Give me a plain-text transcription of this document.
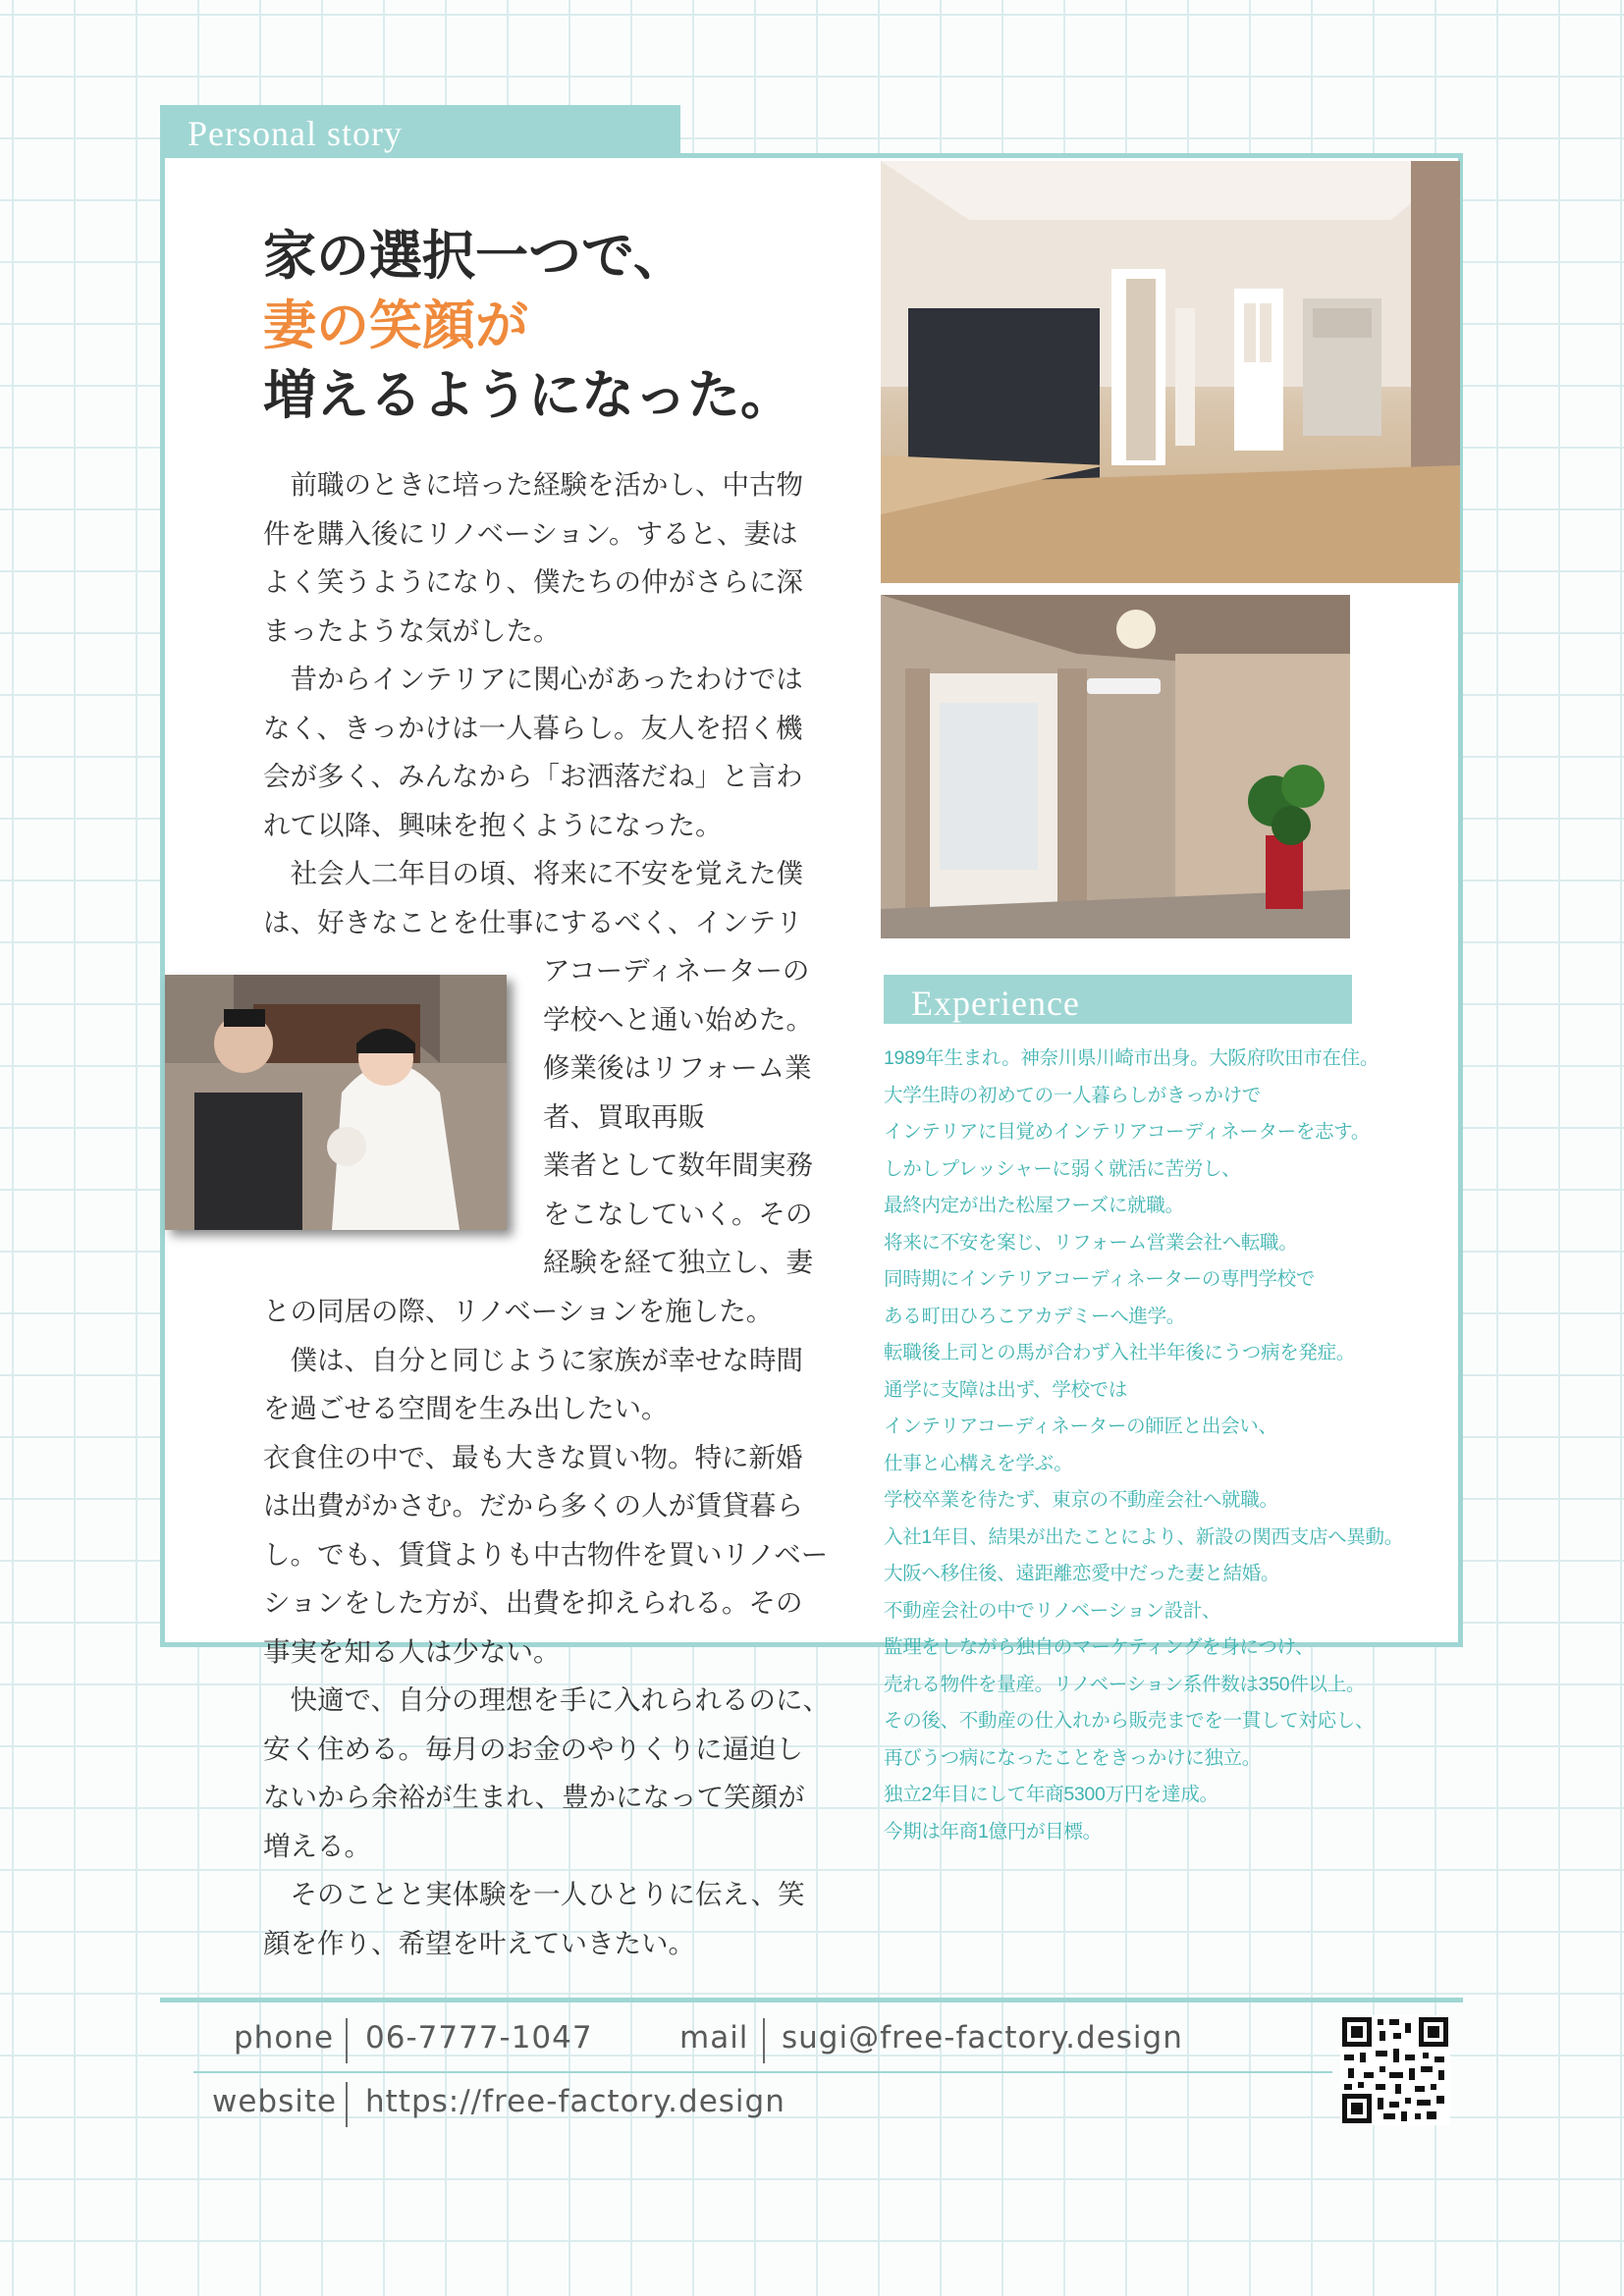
Personal story
家の選択一つで、
妻の笑顔が
増えるようになった。
　前職のときに培った経験を活かし、中古物
件を購入後にリノベーション。すると、妻は
よく笑うようになり、僕たちの仲がさらに深
まったような気がした。
　昔からインテリアに関心があったわけでは
なく、きっかけは一人暮らし。友人を招く機
会が多く、みんなから「お洒落だね」と言わ
れて以降、興味を抱くようになった。
　社会人二年目の頃、将来に不安を覚えた僕
は、好きなことを仕事にするべく、インテリ
アコーディネーターの
学校へと通い始めた。
修業後はリフォーム業
者、買取再販
業者として数年間実務
をこなしていく。その
経験を経て独立し、妻
との同居の際、リノベーションを施した。
　僕は、自分と同じように家族が幸せな時間
を過ごせる空間を生み出したい。
衣食住の中で、最も大きな買い物。特に新婚
は出費がかさむ。だから多くの人が賃貸暮ら
し。でも、賃貸よりも中古物件を買いリノベー
ションをした方が、出費を抑えられる。その
事実を知る人は少ない。
　快適で、自分の理想を手に入れられるのに、
安く住める。毎月のお金のやりくりに逼迫し
ないから余裕が生まれ、豊かになって笑顔が
増える。
　そのことと実体験を一人ひとりに伝え、笑
顔を作り、希望を叶えていきたい。
Experience
1989年生まれ。神奈川県川崎市出身。大阪府吹田市在住。
大学生時の初めての一人暮らしがきっかけで
インテリアに目覚めインテリアコーディネーターを志す。
しかしプレッシャーに弱く就活に苦労し、
最終内定が出た松屋フーズに就職。
将来に不安を案じ、リフォーム営業会社へ転職。
同時期にインテリアコーディネーターの専門学校で
ある町田ひろこアカデミーへ進学。
転職後上司との馬が合わず入社半年後にうつ病を発症。
通学に支障は出ず、学校では
インテリアコーディネーターの師匠と出会い、
仕事と心構えを学ぶ。
学校卒業を待たず、東京の不動産会社へ就職。
入社1年目、結果が出たことにより、新設の関西支店へ異動。
大阪へ移住後、遠距離恋愛中だった妻と結婚。
不動産会社の中でリノベーション設計、
監理をしながら独自のマーケティングを身につけ、
売れる物件を量産。リノベーション系件数は350件以上。
その後、不動産の仕入れから販売までを一貫して対応し、
再びうつ病になったことをきっかけに独立。
独立2年目にして年商5300万円を達成。
今期は年商1億円が目標。
phone 06-7777-1047	mail sugi@free-factory.design
website https://free-factory.design
